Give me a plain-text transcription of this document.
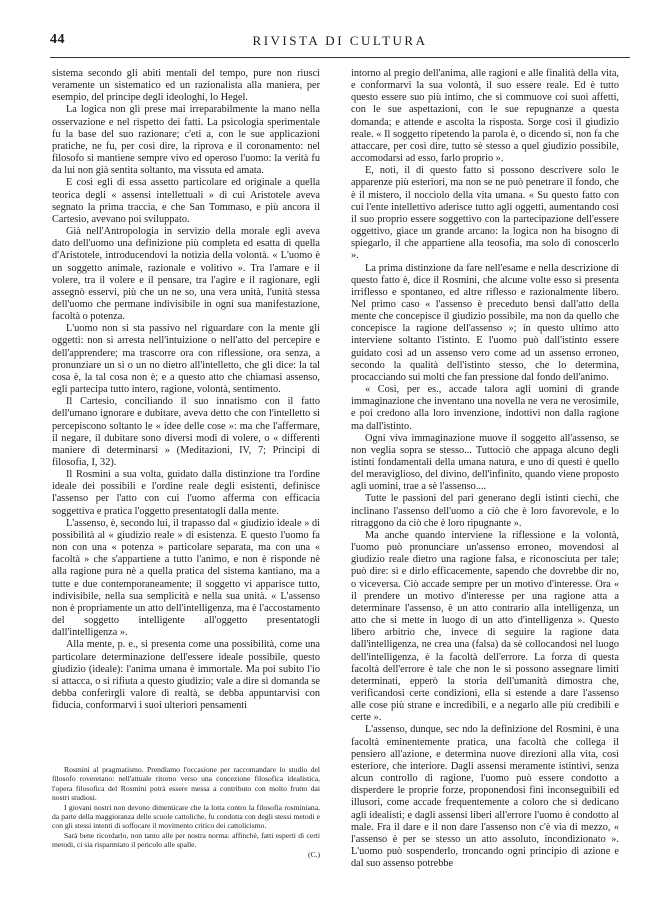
44	RIVISTA DI CULTURA

sistema secondo gli abiti mentali del tempo, pure non riuscì veramente un sistematico ed un razionalista alla maniera, per esempio, del principe degli ideologhi, lo Hegel.

La logica non gli prese mai irreparabilmente la mano nella osservazione e nel rispetto dei fatti. La psicologia sperimentale fu la base del suo razionare; c'eti a, con le sue applicazioni pratiche, ne fu, per così dire, la riprova e il coronamento: nel filosofo si mantiene sempre vivo ed operoso l'uomo: la verità fu da lui non già sentita soltanto, ma vissuta ed amata.

E così egli di essa assetto particolare ed originale a quella teorica degli « assensi intellettuali » di cui Aristotele aveva segnato la prima traccia, e che San Tommaso, e più ancora il Cartesio, avevano poi sviluppato.

Già nell'Antropologia in servizio della morale egli aveva dato dell'uomo una definizione più completa ed esatta di quella d'Aristotele, introducendovi la notizia della volontà. « L'uomo è un soggetto animale, razionale e volitivo ». Tra l'amare e il volere, tra il volere e il pensare, tra l'agire e il ragionare, egli assegnò esservi, più che un ne so, una vera unità, l'unità stessa dell'uomo che permane indivisibile in ogni sua manifestazione, facoltà o potenza.

L'uomo non si sta passivo nel riguardare con la mente gli oggetti: non si arresta nell'intuizione o nell'atto del percepire e dell'apprendere; ma trascorre ora con riflessione, ora senza, a pronunziare un sì o un no dietro all'intelletto, che gli dice: la tal cosa è, la tal cosa non è; e a questo atto che chiamasi assenso, egli partecipa tutto intero, ragione, volontà, sentimento.

Il Cartesio, conciliando il suo innatismo con il fatto dell'umano ignorare e dubitare, aveva detto che con l'intelletto si percepiscono soltanto le « idee delle cose »: ma che l'affermare, il negare, il dubitare sono diversi modi di volere, o « differenti maniere di determinarsi » (Meditazioni, IV, 7; Principi di filosofia, I, 32).

Il Rosmini a sua volta, guidato dalla distinzione tra l'ordine ideale dei possibili e l'ordine reale degli esistenti, definisce l'assenso per l'atto con cui l'uomo afferma con efficacia soggettiva e pratica l'oggetto presentatogli dalla mente.

L'assenso, è, secondo lui, il trapasso dal « giudizio ideale » di possibilità al « giudizio reale » di esistenza. E questo l'uomo fa non con una « potenza » particolare separata, ma con una « facoltà » che s'appartiene a tutto l'animo, e non è risponde nè alla ragione pura nè a quella pratica del sistema kantiano, ma a tutte e due contemporaneamente; il soggetto vi apparisce tutto, indivisibile, nella sua semplicità e nella sua unità. « L'assenso non è propriamente un atto dell'intelligenza, ma è l'accostamento del soggetto intelligente all'oggetto presentatogli dall'intelligenza ».

Alla mente, p. e., si presenta come una possibilità, come una particolare determinazione dell'essere ideale possibile, questo giudizio (ideale): l'anima umana è immortale. Ma poi subito l'io si attacca, o si rifiuta a questo giudizio; vale a dire si domanda se debba conferirgli valore di realtà, se debba appuntarvisi con fiducia, conformarvi i suoi ulteriori pensamenti

intorno al pregio dell'anima, alle ragioni e alle finalità della vita, e conformarvi la sua volontà, il suo essere reale. Ed è tutto questo essere suo più intimo, che si commuove coi suoi affetti, con le sue aspettazioni, con le sue repugnanze a questa domanda; e attende e ascolta la risposta. Sorge così il giudizio reale. « Il soggetto ripetendo la parola è, o dicendo sì, non fa che attaccare, per così dire, tutto sè stesso a quel giudizio possibile, accomodarsi ad esso, farlo proprio ».

E, noti, il di questo fatto si possono descrivere solo le apparenze più esteriori, ma non se ne può penetrare il fondo, che è il mistero, il nocciolo della vita umana. « Su questo fatto con cui l'ente intellettivo aderisce tutto agli oggetti, aumentando così il suo proprio essere soggettivo con la partecipazione dell'essere oggettivo, giace un grande arcano: la logica non ha bisogno di spiegarlo, il che appartiene alla teosofia, ma solo di conoscerlo ».

La prima distinzione da fare nell'esame e nella descrizione di questo fatto è, dice il Rosmini, che alcune volte esso si presenta irriflesso e spontaneo, ed altre riflesso e razionalmente libero. Nel primo caso « l'assenso è preceduto bensì dall'atto della mente che concepisce il giudizio possibile, ma non da quello che concepisce la ragione dell'assenso »; in questo ultimo atto interviene soltanto l'istinto. E l'uomo può dall'istinto essere guidato così ad un assenso vero come ad un assenso erroneo, secondo la qualità dell'istinto stesso, che lo determina, procacciando sui molti che fan pressione dal fondo dell'animo.

« Così, per es., accade talora agli uomini di grande immaginazione che inventano una novella ne vera ne verosimile, e poi credono alla loro invenzione, indottivi non dalla ragione ma dall'istinto.

Ogni viva immaginazione muove il soggetto all'assenso, se non veglia sopra se stesso... Tuttociò che appaga alcuno degli istinti fondamentali della umana natura, e uno di questi è quello del meraviglioso, del divino, dell'infinito, quando viene proposto agli uomini, trae a sè l'assenso....

Tutte le passioni del pari generano degli istinti ciechi, che inclinano l'assenso dell'uomo a ciò che è loro favorevole, e lo ritraggono da ciò che è loro ripugnante ».

Ma anche quando interviene la riflessione e la volontà, l'uomo può pronunciare un'assenso erroneo, movendosi al giudizio reale dietro una ragione falsa, e riconosciuta per tale; può dire: sì e dirlo efficacemente, sapendo che dovrebbe dir no, o viceversa. Ciò accade sempre per un motivo d'interesse. Ora « il prendere un motivo d'interesse per una ragione atta a determinare l'assenso, è un atto contrario alla intelligenza, un atto che si mette in luogo di un atto d'intelligenza ». Questo libero arbitrio che, invece di seguire la ragione data dall'intelligenza, ne crea una (falsa) da sè collocandosi nel luogo dell'intelligenza, è la facoltà dell'errore. La forza di questa facoltà dell'errore è tale che non le si possono assegnare limiti determinati, epperò la storia dell'umanità dimostra che, verificandosi certe condizioni, ella si estende a dare l'assenso alle cose più strane e incredibili, e a negarlo alle più credibili e certe ».

L'assenso, dunque, sec ndo la definizione del Rosmini, è una facoltà eminentemente pratica, una facoltà che collega il pensiero all'azione, e determina nuove direzioni alla vita, così esteriore, che interiore. Dagli assensi meramente istintivi, senza alcun controllo di ragione, l'uomo può essere condotto a disperdere le proprie forze, proponendosi fini inconseguibili ed illusori, come accade frequentemente a coloro che si dedicano agli idealisti; e dagli assensi liberi all'errore l'uomo è condotto al male. Fra il dare e il non dare l'assenso non c'è via di mezzo, « l'assenso è per se stesso un atto assoluto, incondizionato ». L'uomo può sospenderlo, troncando ogni principio di azione e dal suo assenso potrebbe

Rosmini al pragmatismo. Prendiamo l'occasione per raccomandare lo studio del filosofo roveretano: nell'attuale ritorno verso una concezione filosofica idealistica, l'opera filosofica del Rosmini potrà essere messa a contributo con molto frutto dai nostri studiosi.

I giovani nostri non devono dimenticare che la lotta contro la filosofia rosminiana, da parte della maggioranza delle scuole cattoliche, fu condotta con degli stessi metodi e con gli stessi intenti di soffocare il movimento critico dei cattolicismo.

Sarà bene ricordarlo, non tanto alle per nostra norma: affinchè, fatti esperti di certi metodi, ci sia risparmiato il pericolo alle spalle.

(C.)
